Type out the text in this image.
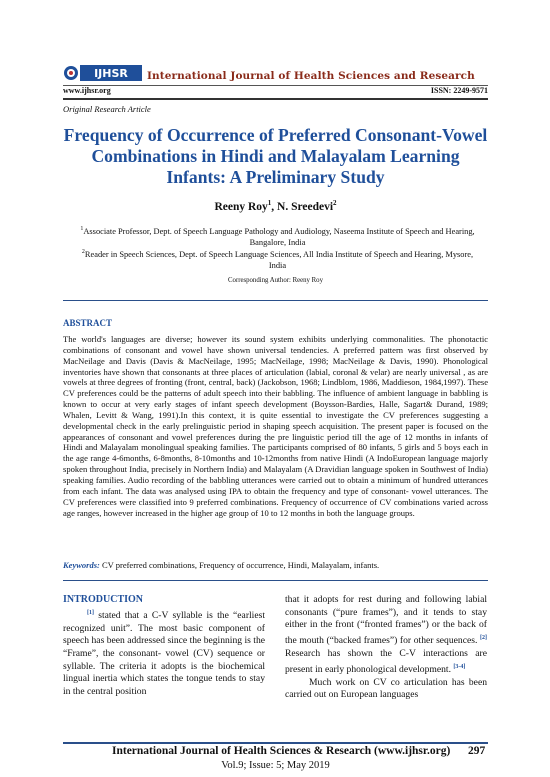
IJHSR International Journal of Health Sciences and Research
www.ijhsr.org	ISSN: 2249-9571
Original Research Article
Frequency of Occurrence of Preferred Consonant-Vowel Combinations in Hindi and Malayalam Learning Infants: A Preliminary Study
Reeny Roy$^1$, N. Sreedevi$^2$
$^1$Associate Professor, Dept. of Speech Language Pathology and Audiology, Naseema Institute of Speech and Hearing, Bangalore, India
$^2$Reader in Speech Sciences, Dept. of Speech Language Sciences, All India Institute of Speech and Hearing, Mysore, India
Corresponding Author: Reeny Roy
ABSTRACT
The world's languages are diverse; however its sound system exhibits underlying commonalities. The phonotactic combinations of consonant and vowel have shown universal tendencies. A preferred pattern was first observed by MacNeilage and Davis (Davis & MacNeilage, 1995; MacNeilage, 1998; MacNeilage & Davis, 1990). Phonological inventories have shown that consonants at three places of articulation (labial, coronal & velar) are nearly universal , as are vowels at three degrees of fronting (front, central, back) (Jackobson, 1968; Lindblom, 1986, Maddieson, 1984,1997). These CV preferences could be the patterns of adult speech into their babbling. The influence of ambient language in babbling is known to occur at very early stages of infant speech development (Boysson-Bardies, Halle, Sagart& Durand, 1989; Whalen, Levitt & Wang, 1991).In this context, it is quite essential to investigate the CV preferences suggesting a developmental check in the early prelinguistic period in shaping speech acquisition. The present paper is focused on the appearances of consonant and vowel preferences during the pre linguistic period till the age of 12 months in infants of Hindi and Malayalam monolingual speaking families. The participants comprised of 80 infants, 5 girls and 5 boys each in the age range 4-6months, 6-8months, 8-10months and 10-12months from native Hindi (A IndoEuropean language majorly spoken throughout India, precisely in Northern India) and Malayalam (A Dravidian language spoken in Southwest of India) speaking families. Audio recording of the babbling utterances were carried out to obtain a minimum of hundred utterances from each infant. The data was analysed using IPA to obtain the frequency and type of consonant- vowel utterances. The CV preferences were classified into 9 preferred combinations. Frequency of occurrence of CV combinations varied across age ranges, however increased in the higher age group of 10 to 12 months in both the language groups.
Keywords: CV preferred combinations, Frequency of occurrence, Hindi, Malayalam, infants.
INTRODUCTION
[1] stated that a C-V syllable is the “earliest recognized unit”. The most basic component of speech has been addressed since the beginning is the “Frame”, the consonant- vowel (CV) sequence or syllable. The criteria it adopts is the biochemical lingual inertia which states the tongue tends to stay in the central position
that it adopts for rest during and following labial consonants (“pure frames”), and it tends to stay either in the front (“fronted frames”) or the back of the mouth (“backed frames”) for other sequences. [2] Research has shown the C-V interactions are present in early phonological development. [3-4]
Much work on CV co articulation has been carried out on European languages
International Journal of Health Sciences & Research (www.ijhsr.org) 297
Vol.9; Issue: 5; May 2019
